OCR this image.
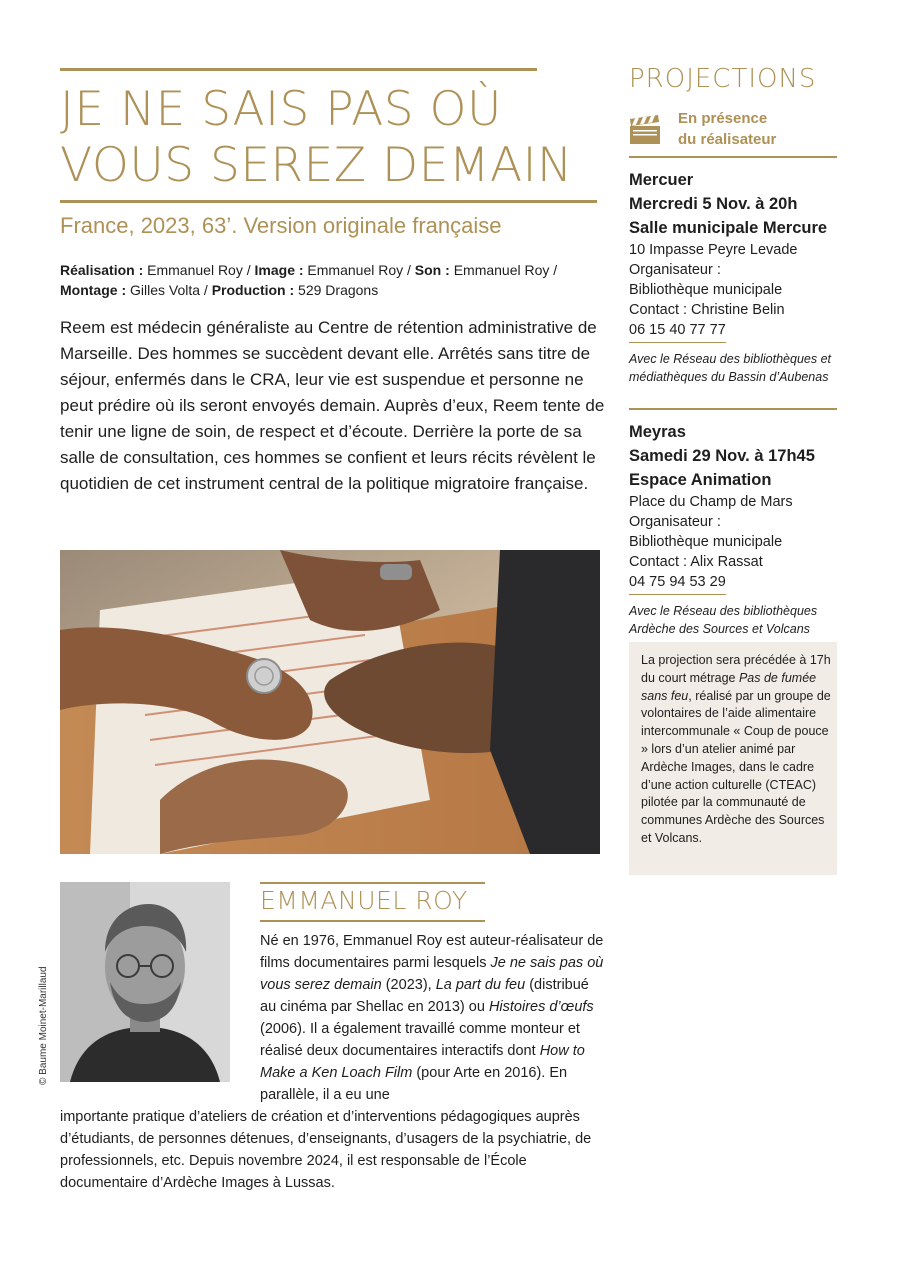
JE NE SAIS PAS OÙ
VOUS SEREZ DEMAIN
France, 2023, 63’. Version originale française
Réalisation : Emmanuel Roy / Image : Emmanuel Roy / Son : Emmanuel Roy /
Montage : Gilles Volta / Production : 529 Dragons

Reem est médecin généraliste au Centre de rétention administrative de Marseille. Des hommes se succèdent devant elle. Arrêtés sans titre de séjour, enfermés dans le CRA, leur vie est suspendue et personne ne peut prédire où ils seront envoyés demain. Auprès d’eux, Reem tente de tenir une ligne de soin, de respect et d’écoute. Derrière la porte de sa salle de consultation, ces hommes se confient et leurs récits révèlent le quotidien de cet instrument central de la politique migratoire française.

© Baume Moinet-Marillaud
EMMANUEL ROY

Né en 1976, Emmanuel Roy est auteur-réalisateur de films documentaires parmi lesquels Je ne sais pas où vous serez demain (2023), La part du feu (distribué au cinéma par Shellac en 2013) ou Histoires d’œufs (2006). Il a également travaillé comme monteur et réalisé deux documentaires interactifs dont How to Make a Ken Loach Film (pour Arte en 2016). En parallèle, il a eu une

importante pratique d’ateliers de création et d’interventions pédagogiques auprès d’étudiants, de personnes détenues, d’enseignants, d’usagers de la psychiatrie, de professionnels, etc. Depuis novembre 2024, il est responsable de l’École documentaire d’Ardèche Images à Lussas.

PROJECTIONS
En présence
du réalisateur
Mercuer
Mercredi 5 Nov. à 20h
Salle municipale Mercure
10 Impasse Peyre Levade
Organisateur :
Bibliothèque municipale
Contact : Christine Belin
06 15 40 77 77
Avec le Réseau des bibliothèques et médiathèques du Bassin d’Aubenas
Meyras
Samedi 29 Nov. à 17h45
Espace Animation
Place du Champ de Mars
Organisateur :
Bibliothèque municipale
Contact : Alix Rassat
04 75 94 53 29
Avec le Réseau des bibliothèques Ardèche des Sources et Volcans
La projection sera précédée à 17h du court métrage Pas de fumée sans feu, réalisé par un groupe de volontaires de l’aide alimentaire intercommunale « Coup de pouce » lors d’un atelier animé par Ardèche Images, dans le cadre d’une action culturelle (CTEAC) pilotée par la communauté de communes Ardèche des Sources et Volcans.
